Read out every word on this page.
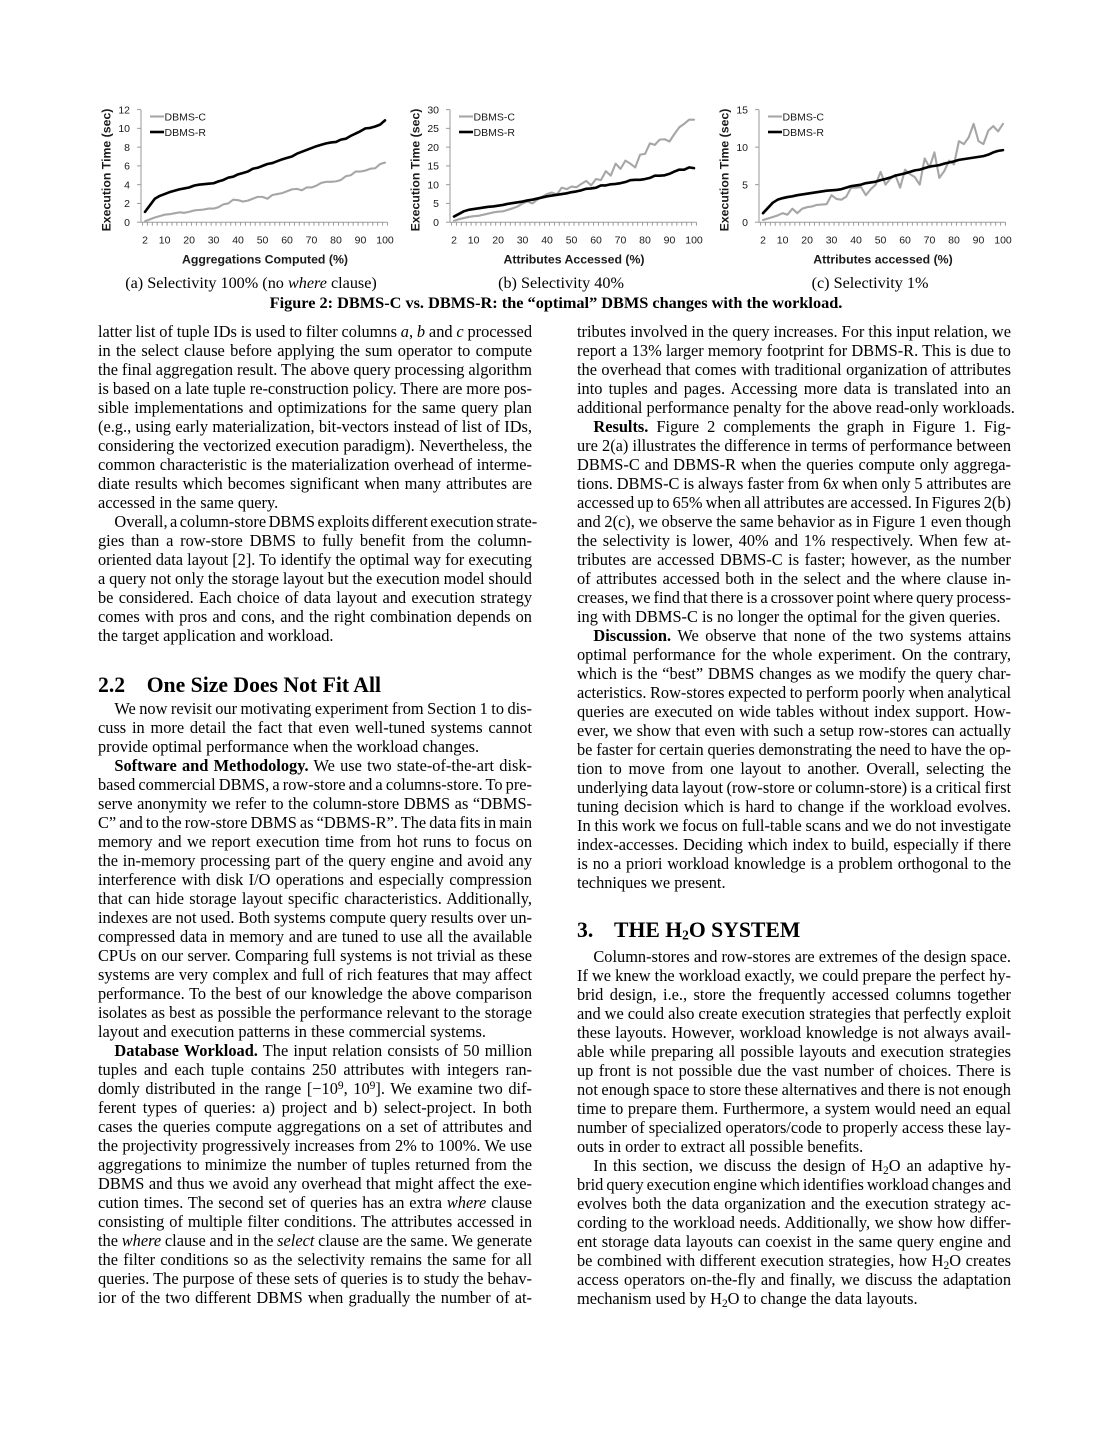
0
2
4
6
8
10
12
2 10 20 30 40 50 60 70 80 90 100
Aggregations Computed (%)
Execution Time (sec)	DBMS-C
DBMS-R
0
5
10
15
20
25
30
2 10 20 30 40 50 60 70 80 90 100
Attributes Accessed (%)
Execution Time (sec)	DBMS-C
DBMS-R
0
5
10
15
2 10 20 30 40 50 60 70 80 90 100
Attributes accessed (%)
Execution Time (sec)	DBMS-C
DBMS-R
(a) Selectivity 100% (no where clause)	(b) Selectivity 40%	(c) Selectivity 1%
Figure 2: DBMS-C vs. DBMS-R: the “optimal” DBMS changes with the workload.
latter list of tuple IDs is used to filter columns a, b and c processed
in the select clause before applying the sum operator to compute
the final aggregation result. The above query processing algorithm
is based on a late tuple re-construction policy. There are more pos-
sible implementations and optimizations for the same query plan
(e.g., using early materialization, bit-vectors instead of list of IDs,
considering the vectorized execution paradigm). Nevertheless, the
common characteristic is the materialization overhead of interme-
diate results which becomes significant when many attributes are
accessed in the same query.
Overall, a column-store DBMS exploits different execution strate-
gies than a row-store DBMS to fully benefit from the column-
oriented data layout [2]. To identify the optimal way for executing
a query not only the storage layout but the execution model should
be considered. Each choice of data layout and execution strategy
comes with pros and cons, and the right combination depends on
the target application and workload.
2.2 One Size Does Not Fit All
We now revisit our motivating experiment from Section 1 to dis-
cuss in more detail the fact that even well-tuned systems cannot
provide optimal performance when the workload changes.
Software and Methodology. We use two state-of-the-art disk-
based commercial DBMS, a row-store and a columns-store. To pre-
serve anonymity we refer to the column-store DBMS as “DBMS-
C” and to the row-store DBMS as “DBMS-R”. The data fits in main
memory and we report execution time from hot runs to focus on
the in-memory processing part of the query engine and avoid any
interference with disk I/O operations and especially compression
that can hide storage layout specific characteristics. Additionally,
indexes are not used. Both systems compute query results over un-
compressed data in memory and are tuned to use all the available
CPUs on our server. Comparing full systems is not trivial as these
systems are very complex and full of rich features that may affect
performance. To the best of our knowledge the above comparison
isolates as best as possible the performance relevant to the storage
layout and execution patterns in these commercial systems.
Database Workload. The input relation consists of 50 million
tuples and each tuple contains 250 attributes with integers ran-
domly distributed in the range [$-10^9$, $10^9$]. We examine two dif-
ferent types of queries: a) project and b) select-project. In both
cases the queries compute aggregations on a set of attributes and
the projectivity progressively increases from 2% to 100%. We use
aggregations to minimize the number of tuples returned from the
DBMS and thus we avoid any overhead that might affect the exe-
cution times. The second set of queries has an extra where clause
consisting of multiple filter conditions. The attributes accessed in
the where clause and in the select clause are the same. We generate
the filter conditions so as the selectivity remains the same for all
queries. The purpose of these sets of queries is to study the behav-
ior of the two different DBMS when gradually the number of at-
tributes involved in the query increases. For this input relation, we
report a 13% larger memory footprint for DBMS-R. This is due to
the overhead that comes with traditional organization of attributes
into tuples and pages. Accessing more data is translated into an
additional performance penalty for the above read-only workloads.
Results. Figure 2 complements the graph in Figure 1. Fig-
ure 2(a) illustrates the difference in terms of performance between
DBMS-C and DBMS-R when the queries compute only aggrega-
tions. DBMS-C is always faster from 6x when only 5 attributes are
accessed up to 65% when all attributes are accessed. In Figures 2(b)
and 2(c), we observe the same behavior as in Figure 1 even though
the selectivity is lower, 40% and 1% respectively. When few at-
tributes are accessed DBMS-C is faster; however, as the number
of attributes accessed both in the select and the where clause in-
creases, we find that there is a crossover point where query process-
ing with DBMS-C is no longer the optimal for the given queries.
Discussion. We observe that none of the two systems attains
optimal performance for the whole experiment. On the contrary,
which is the “best” DBMS changes as we modify the query char-
acteristics. Row-stores expected to perform poorly when analytical
queries are executed on wide tables without index support. How-
ever, we show that even with such a setup row-stores can actually
be faster for certain queries demonstrating the need to have the op-
tion to move from one layout to another. Overall, selecting the
underlying data layout (row-store or column-store) is a critical first
tuning decision which is hard to change if the workload evolves.
In this work we focus on full-table scans and we do not investigate
index-accesses. Deciding which index to build, especially if there
is no a priori workload knowledge is a problem orthogonal to the
techniques we present.
3. THE $H_2O$ SYSTEM
Column-stores and row-stores are extremes of the design space.
If we knew the workload exactly, we could prepare the perfect hy-
brid design, i.e., store the frequently accessed columns together
and we could also create execution strategies that perfectly exploit
these layouts. However, workload knowledge is not always avail-
able while preparing all possible layouts and execution strategies
up front is not possible due the vast number of choices. There is
not enough space to store these alternatives and there is not enough
time to prepare them. Furthermore, a system would need an equal
number of specialized operators/code to properly access these lay-
outs in order to extract all possible benefits.
In this section, we discuss the design of $H_2O$ an adaptive hy-
brid query execution engine which identifies workload changes and
evolves both the data organization and the execution strategy ac-
cording to the workload needs. Additionally, we show how differ-
ent storage data layouts can coexist in the same query engine and
be combined with different execution strategies, how $H_2O$ creates
access operators on-the-fly and finally, we discuss the adaptation
mechanism used by $H_2O$ to change the data layouts.
